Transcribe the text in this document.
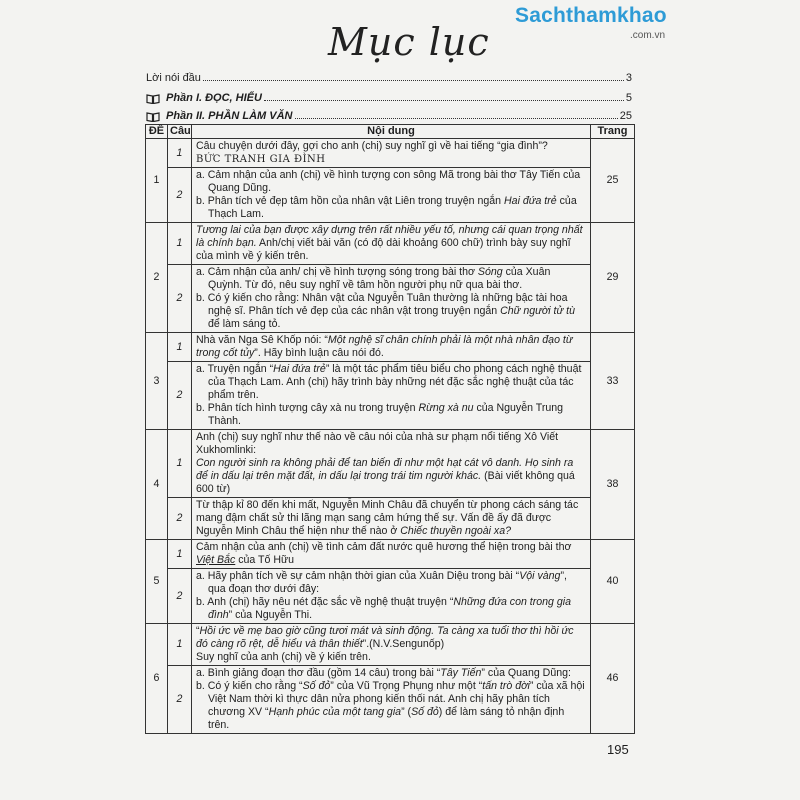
Sachthamkhao
.com.vn
Mục lục
Lời nói đầu	3
Phần I. ĐỌC, HIỂU	5
Phần II. PHẦN LÀM VĂN	25
ĐỀ	Câu	Nội dung	Trang
1	1	Câu chuyện dưới đây, gợi cho anh (chị) suy nghĩ gì về hai tiếng “gia đình”?
BỨC TRANH GIA ĐÌNH	25
	2	a. Cảm nhận của anh (chị) về hình tượng con sông Mã trong bài thơ Tây Tiến của Quang Dũng.
b. Phân tích vẻ đẹp tâm hồn của nhân vật Liên trong truyện ngắn Hai đứa trẻ của Thạch Lam.	

2	1	Tương lai của bạn được xây dựng trên rất nhiều yếu tố, nhưng cái quan trọng nhất là chính bạn. Anh/chị viết bài văn (có độ dài khoảng 600 chữ) trình bày suy nghĩ của mình về ý kiến trên.	29
	2	a. Cảm nhận của anh/ chị về hình tượng sóng trong bài thơ Sóng của Xuân Quỳnh. Từ đó, nêu suy nghĩ về tâm hồn người phụ nữ qua bài thơ.
b. Có ý kiến cho rằng: Nhân vật của Nguyễn Tuân thường là những bậc tài hoa nghệ sĩ. Phân tích vẻ đẹp của các nhân vật trong truyện ngắn Chữ người tử tù để làm sáng tỏ.	

3	1	Nhà văn Nga Sê Khốp nói: “Một nghệ sĩ chân chính phải là một nhà nhân đạo từ trong cốt tủy”. Hãy bình luận câu nói đó.	33
	2	a. Truyện ngắn “Hai đứa trẻ” là một tác phẩm tiêu biểu cho phong cách nghệ thuật của Thạch Lam. Anh (chị) hãy trình bày những nét đặc sắc nghệ thuật của tác phẩm trên.
b. Phân tích hình tượng cây xà nu trong truyện Rừng xà nu của Nguyễn Trung Thành.	

4	1	Anh (chị) suy nghĩ như thế nào về câu nói của nhà sư phạm nổi tiếng Xô Viết Xukhomlinki:
Con người sinh ra không phải để tan biến đi như một hạt cát vô danh. Họ sinh ra để in dấu lại trên mặt đất, in dấu lại trong trái tim người khác. (Bài viết không quá 600 từ)	38
	2	Từ thập kỉ 80 đến khi mất, Nguyễn Minh Châu đã chuyển từ phong cách sáng tác mang đậm chất sử thi lãng mạn sang cảm hứng thế sự. Vấn đề ấy đã được Nguyễn Minh Châu thể hiện như thế nào ở Chiếc thuyền ngoài xa?	
5	1	Cảm nhận của anh (chị) về tình cảm đất nước quê hương thể hiện trong bài thơ
Việt Bắc của Tố Hữu	40
	2	a. Hãy phân tích về sự cảm nhận thời gian của Xuân Diệu trong bài “Vội vàng”, qua đoạn thơ dưới đây:
b. Anh (chị) hãy nêu nét đặc sắc về nghệ thuật truyện “Những đứa con trong gia đình” của Nguyễn Thi.	

6	1	“Hồi ức về mẹ bao giờ cũng tươi mát và sinh động. Ta càng xa tuổi thơ thì hồi ức đó càng rõ rệt, dễ hiểu và thân thiết”.(N.V.Sengunốp)
Suy nghĩ của anh (chị) về ý kiến trên.	46
	2	a. Bình giảng đoạn thơ đầu (gồm 14 câu) trong bài “Tây Tiến” của Quang Dũng:
b. Có ý kiến cho rằng “Số đỏ” của Vũ Trọng Phụng như một “tấn trò đời” của xã hội Việt Nam thời kì thực dân nửa phong kiến thối nát. Anh chị hãy phân tích chương XV “Hạnh phúc của một tang gia” (Số đỏ) để làm sáng tỏ nhận định trên.	
195
